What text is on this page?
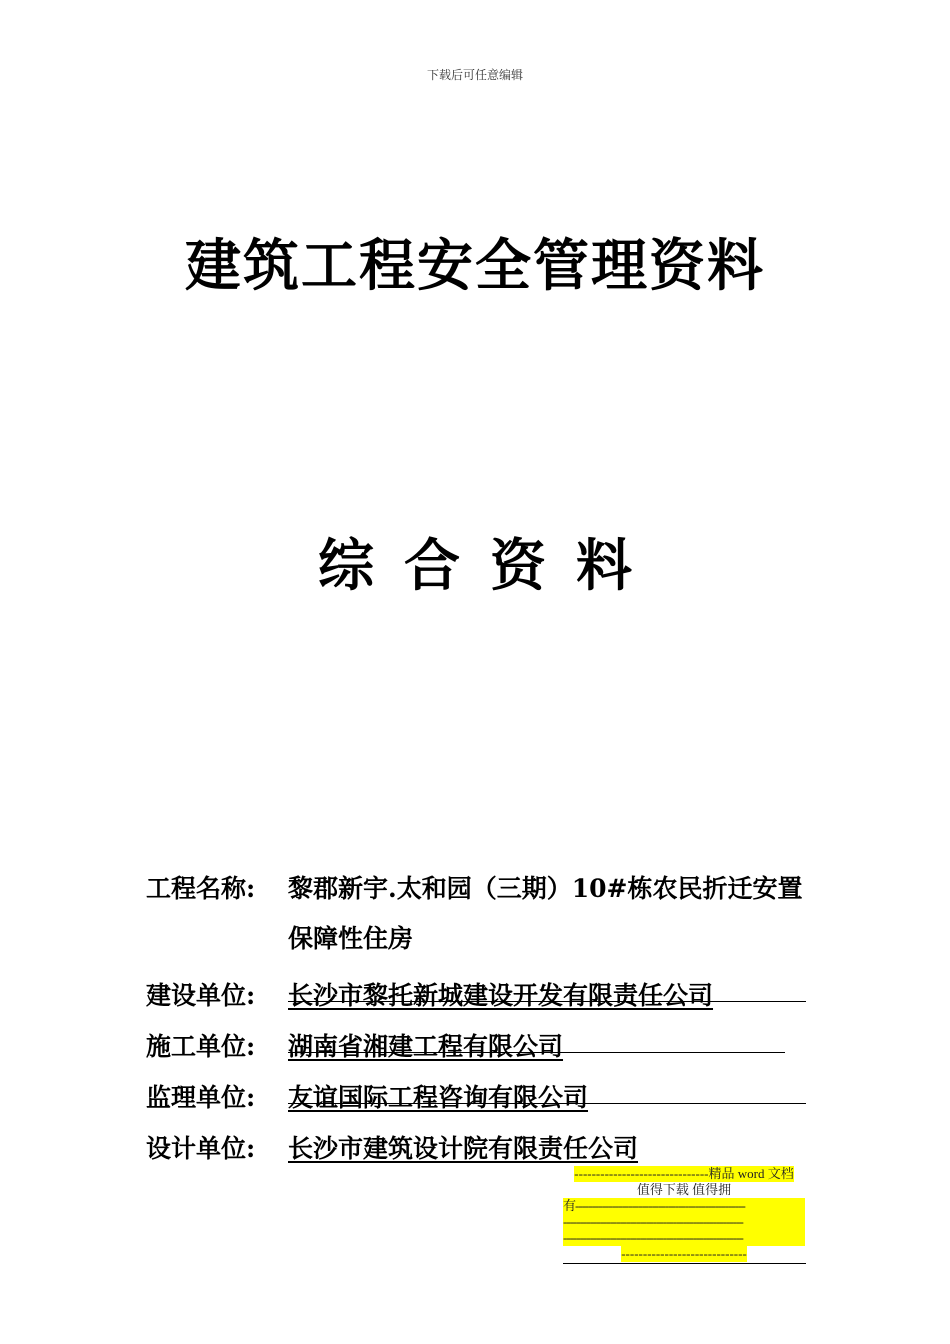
下载后可任意编辑
建筑工程安全管理资料
综合资料
工程名称:	黎郡新宇.太和园（三期）10#栋农民折迁安置保障性住房
建设单位:	长沙市黎托新城建设开发有限责任公司
施工单位:	湖南省湘建工程有限公司
监理单位:	友谊国际工程咨询有限公司
设计单位:	长沙市建筑设计院有限责任公司
-------------------------------精品 word 文档
值得下载 值得拥
有---------------------------------------------------
------------------------------------------------------
------------------------------------------------------
-----------------------------
